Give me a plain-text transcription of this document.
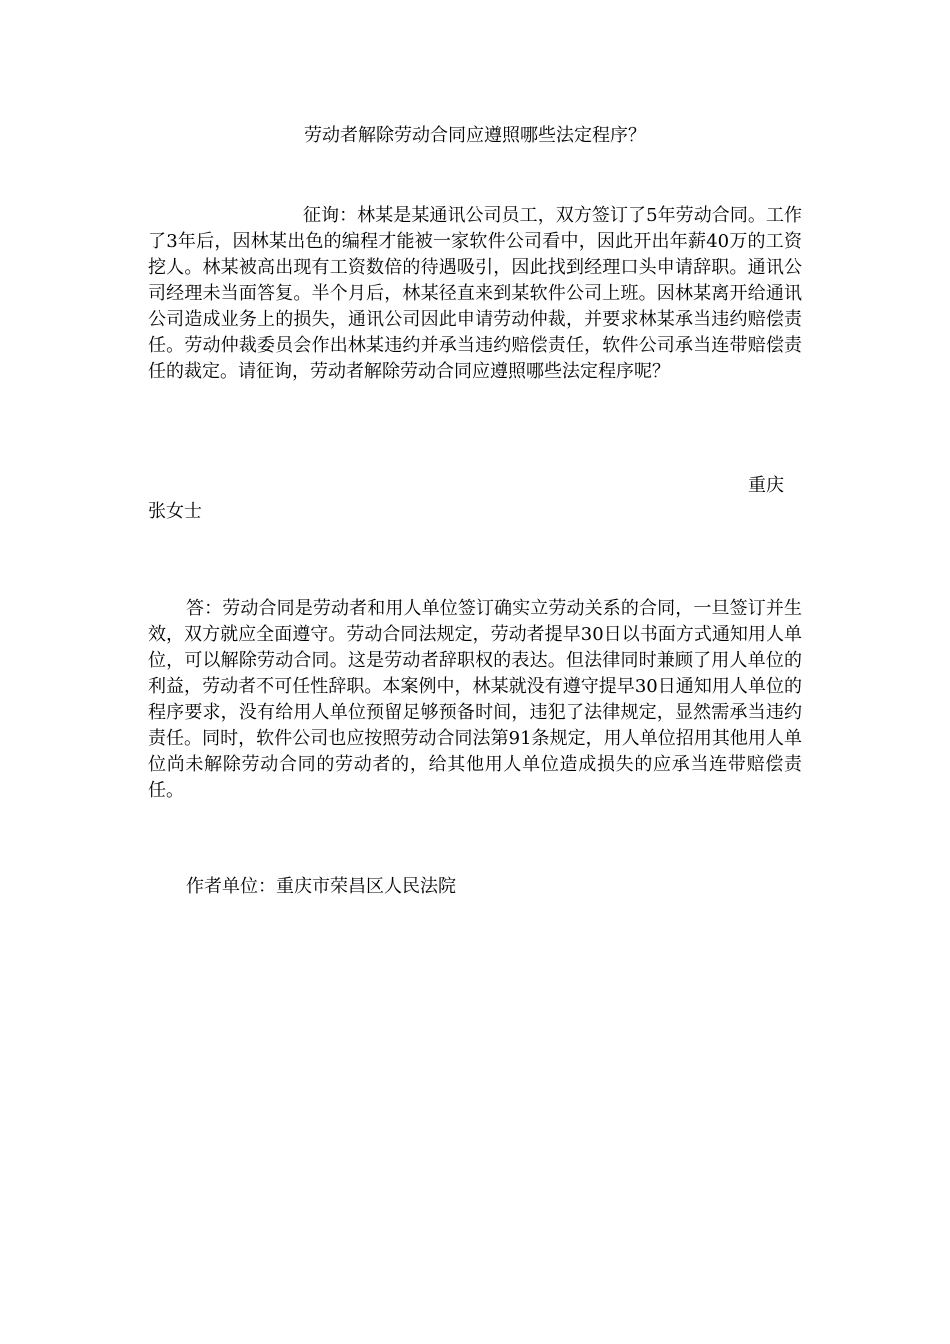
劳动者解除劳动合同应遵照哪些法定程序？

征询：林某是某通讯公司员工，双方签订了5年劳动合同。工作了3年后，因林某出色的编程才能被一家软件公司看中，因此开出年薪40万的工资挖人。林某被高出现有工资数倍的待遇吸引，因此找到经理口头申请辞职。通讯公司经理未当面答复。半个月后，林某径直来到某软件公司上班。因林某离开给通讯公司造成业务上的损失，通讯公司因此申请劳动仲裁，并要求林某承当违约赔偿责任。劳动仲裁委员会作出林某违约并承当违约赔偿责任，软件公司承当连带赔偿责任的裁定。请征询，劳动者解除劳动合同应遵照哪些法定程序呢？

重庆
张女士

答：劳动合同是劳动者和用人单位签订确实立劳动关系的合同，一旦签订并生效，双方就应全面遵守。劳动合同法规定，劳动者提早30日以书面方式通知用人单位，可以解除劳动合同。这是劳动者辞职权的表达。但法律同时兼顾了用人单位的利益，劳动者不可任性辞职。本案例中，林某就没有遵守提早30日通知用人单位的程序要求，没有给用人单位预留足够预备时间，违犯了法律规定，显然需承当违约责任。同时，软件公司也应按照劳动合同法第91条规定，用人单位招用其他用人单位尚未解除劳动合同的劳动者的，给其他用人单位造成损失的应承当连带赔偿责任。

作者单位：重庆市荣昌区人民法院
